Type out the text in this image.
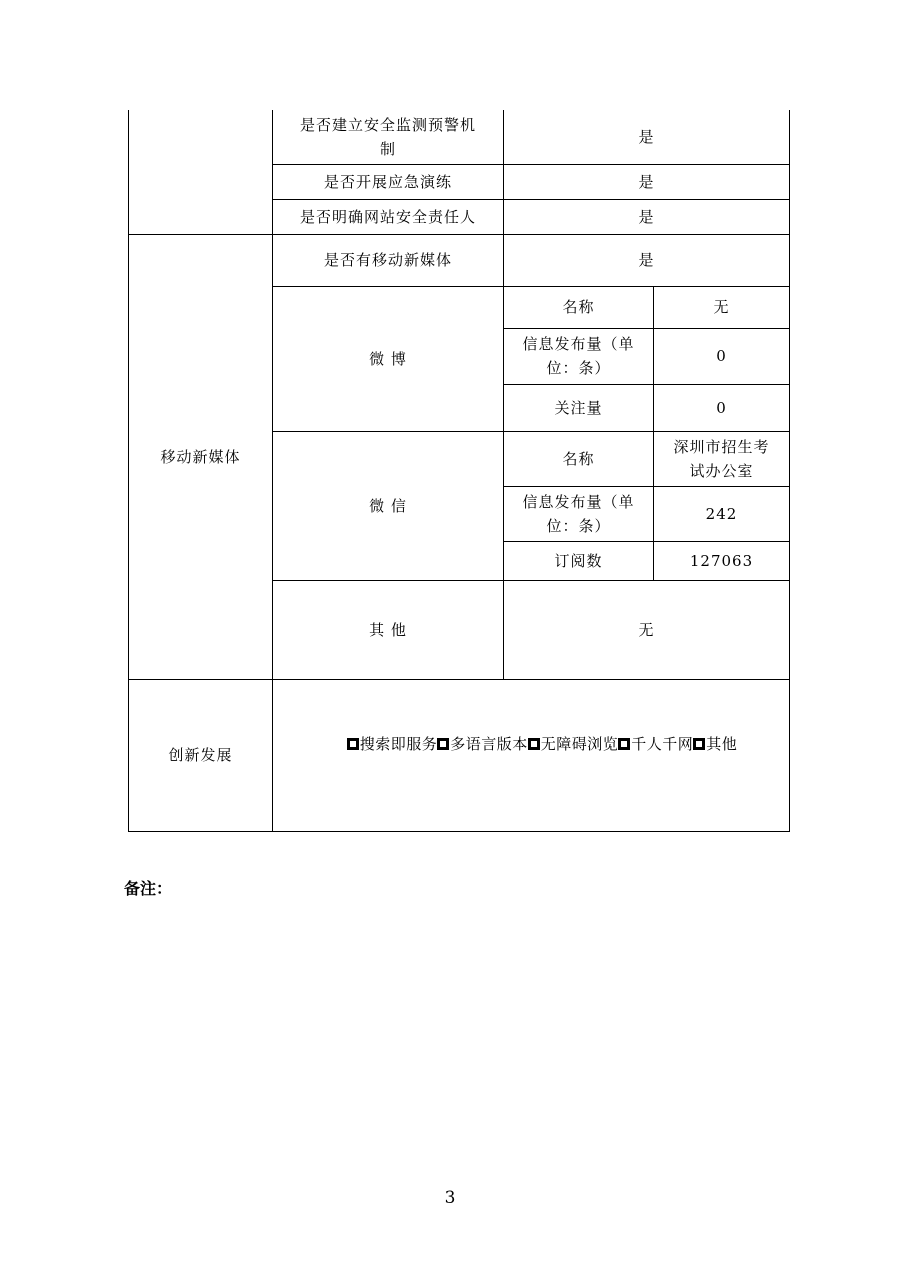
	是否建立安全监测预警机制	是	
	是否开展应急演练	是	
	是否明确网站安全责任人	是	
移动新媒体	是否有移动新媒体	是	
	微 博	名称	无
		信息发布量（单位：条）	0
		关注量	0
	微 信	名称	深圳市招生考试办公室
		信息发布量（单位：条）	242
		订阅数	127063
	其 他	无	
创新发展	搜索即服务 多语言版本 无障碍浏览 千人千网 其他		
备注：
3
